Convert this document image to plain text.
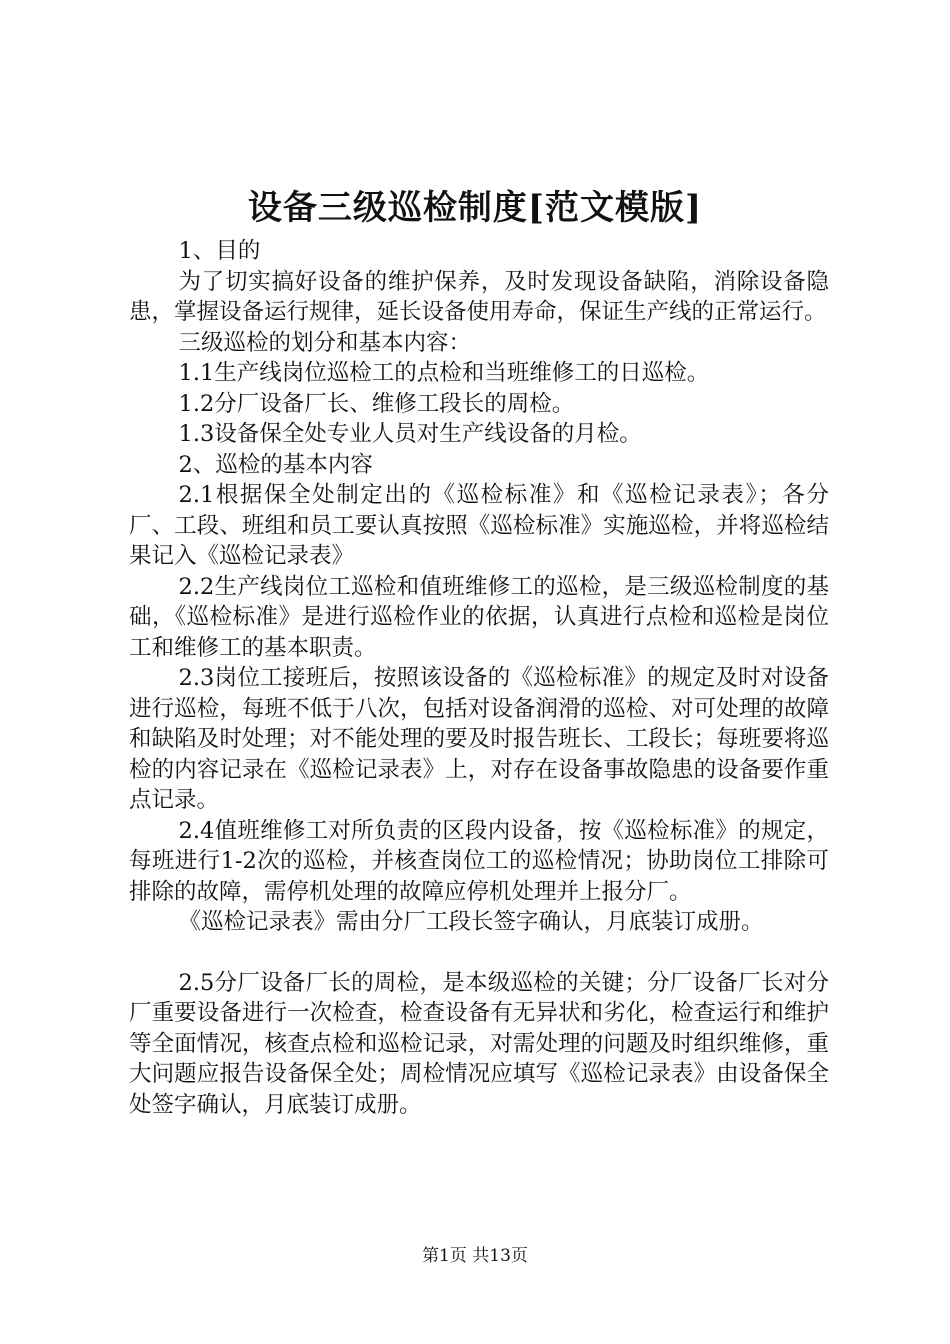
设备三级巡检制度[范文模版]

1、目的

为了切实搞好设备的维护保养，及时发现设备缺陷，消除设备隐患，掌握设备运行规律，延长设备使用寿命，保证生产线的正常运行。

三级巡检的划分和基本内容：

1.1生产线岗位巡检工的点检和当班维修工的日巡检。

1.2分厂设备厂长、维修工段长的周检。

1.3设备保全处专业人员对生产线设备的月检。

2、巡检的基本内容

2.1根据保全处制定出的《巡检标准》和《巡检记录表》；各分厂、工段、班组和员工要认真按照《巡检标准》实施巡检，并将巡检结果记入《巡检记录表》

2.2生产线岗位工巡检和值班维修工的巡检，是三级巡检制度的基础，《巡检标准》是进行巡检作业的依据，认真进行点检和巡检是岗位工和维修工的基本职责。

2.3岗位工接班后，按照该设备的《巡检标准》的规定及时对设备进行巡检，每班不低于八次，包括对设备润滑的巡检、对可处理的故障和缺陷及时处理；对不能处理的要及时报告班长、工段长；每班要将巡检的内容记录在《巡检记录表》上，对存在设备事故隐患的设备要作重点记录。

2.4值班维修工对所负责的区段内设备，按《巡检标准》的规定，每班进行1-2次的巡检，并核查岗位工的巡检情况；协助岗位工排除可排除的故障，需停机处理的故障应停机处理并上报分厂。

《巡检记录表》需由分厂工段长签字确认，月底装订成册。

2.5分厂设备厂长的周检，是本级巡检的关键；分厂设备厂长对分厂重要设备进行一次检查，检查设备有无异状和劣化，检查运行和维护等全面情况，核查点检和巡检记录，对需处理的问题及时组织维修，重大问题应报告设备保全处；周检情况应填写《巡检记录表》由设备保全处签字确认，月底装订成册。

第1页 共13页
